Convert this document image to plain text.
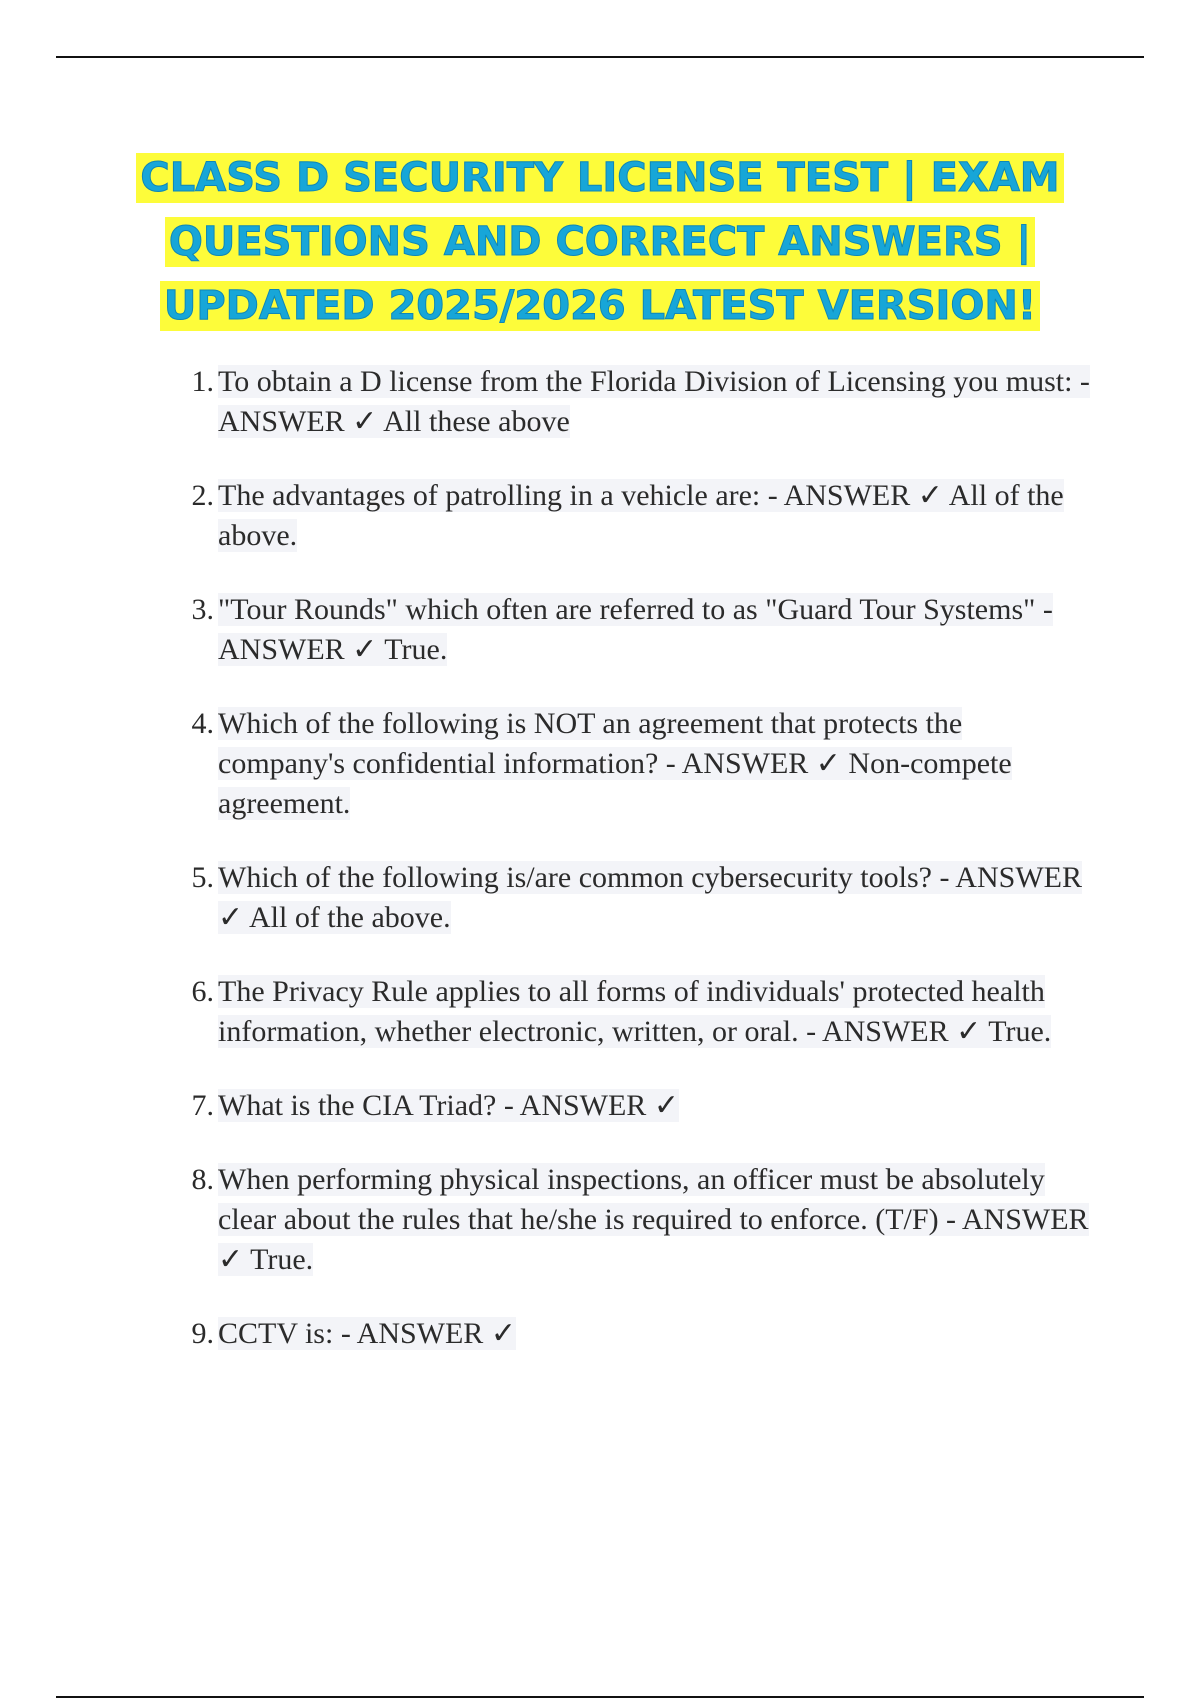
CLASS D SECURITY LICENSE TEST | EXAM QUESTIONS AND CORRECT ANSWERS | UPDATED 2025/2026 LATEST VERSION!
1. To obtain a D license from the Florida Division of Licensing you must: - ANSWER ✓ All these above
2. The advantages of patrolling in a vehicle are: - ANSWER ✓ All of the above.
3. "Tour Rounds" which often are referred to as "Guard Tour Systems" - ANSWER ✓ True.
4. Which of the following is NOT an agreement that protects the company's confidential information? - ANSWER ✓ Non-compete agreement.
5. Which of the following is/are common cybersecurity tools? - ANSWER ✓ All of the above.
6. The Privacy Rule applies to all forms of individuals' protected health information, whether electronic, written, or oral. - ANSWER ✓ True.
7. What is the CIA Triad? - ANSWER ✓
8. When performing physical inspections, an officer must be absolutely clear about the rules that he/she is required to enforce. (T/F) - ANSWER ✓ True.
9. CCTV is: - ANSWER ✓
